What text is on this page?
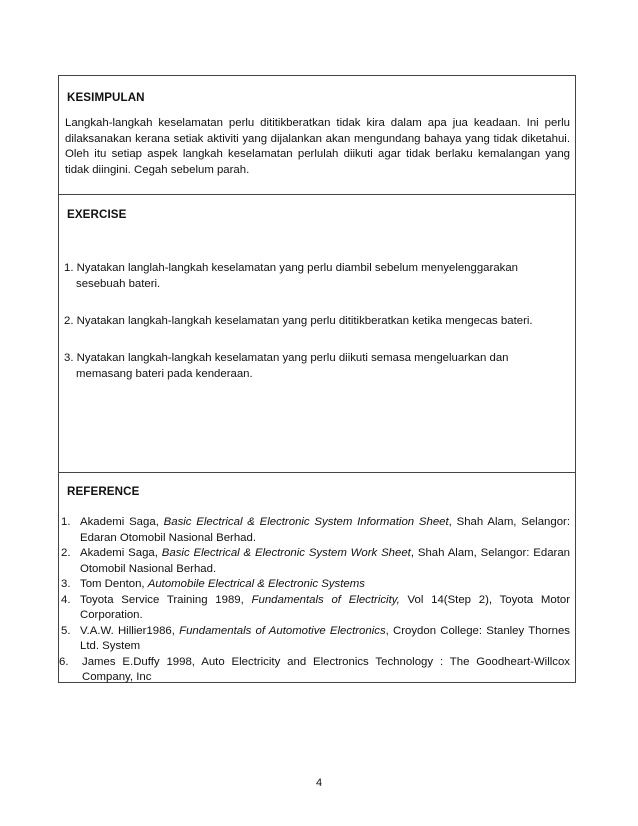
KESIMPULAN
Langkah-langkah keselamatan perlu dititikberatkan tidak kira dalam apa jua keadaan. Ini perlu dilaksanakan kerana setiak aktiviti yang dijalankan akan mengundang bahaya yang tidak diketahui. Oleh itu setiap aspek langkah keselamatan perlulah diikuti agar tidak berlaku kemalangan yang tidak diingini. Cegah sebelum parah.
EXERCISE
1. Nyatakan langlah-langkah keselamatan yang perlu diambil sebelum menyelenggarakan
sesebuah bateri.
2. Nyatakan langkah-langkah keselamatan yang perlu dititikberatkan ketika mengecas bateri.
3. Nyatakan langkah-langkah keselamatan yang perlu diikuti semasa mengeluarkan dan
memasang bateri pada kenderaan.
REFERENCE
1. Akademi Saga, Basic Electrical & Electronic System Information Sheet, Shah Alam, Selangor: Edaran Otomobil Nasional Berhad.
2. Akademi Saga, Basic Electrical & Electronic System Work Sheet, Shah Alam, Selangor: Edaran Otomobil Nasional Berhad.
3. Tom Denton, Automobile Electrical & Electronic Systems
4. Toyota Service Training 1989, Fundamentals of Electricity, Vol 14(Step 2), Toyota Motor Corporation.
5. V.A.W. Hillier1986, Fundamentals of Automotive Electronics, Croydon College: Stanley Thornes Ltd. System
6. James E.Duffy 1998, Auto Electricity and Electronics Technology : The Goodheart-Willcox Company, Inc
4
